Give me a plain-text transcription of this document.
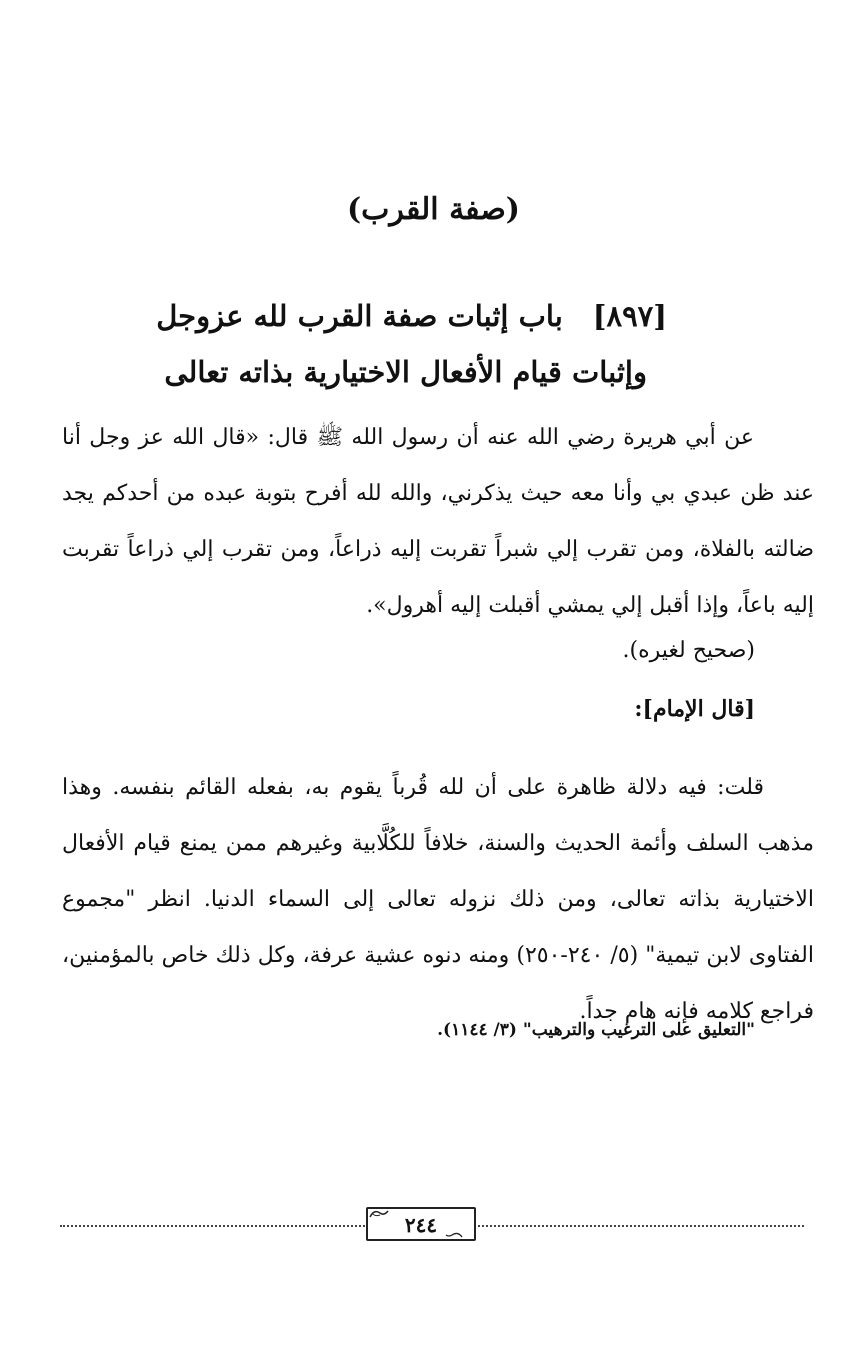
(صفة القرب)
[٨٩٧]باب إثبات صفة القرب لله عزوجل
وإثبات قيام الأفعال الاختيارية بذاته تعالى
عن أبي هريرة رضي الله عنه أن رسول الله ﷺ قال: «قال الله عز وجل أنا عند ظن عبدي بي وأنا معه حيث يذكرني، والله لله أفرح بتوبة عبده من أحدكم يجد ضالته بالفلاة، ومن تقرب إلي شبراً تقربت إليه ذراعاً، ومن تقرب إلي ذراعاً تقربت إليه باعاً، وإذا أقبل إلي يمشي أقبلت إليه أهرول».
(صحيح لغيره).
[قال الإمام]:
قلت: فيه دلالة ظاهرة على أن لله قُرباً يقوم به، بفعله القائم بنفسه. وهذا مذهب السلف وأئمة الحديث والسنة، خلافاً للكُلَّابية وغيرهم ممن يمنع قيام الأفعال الاختيارية بذاته تعالى، ومن ذلك نزوله تعالى إلى السماء الدنيا. انظر "مجموع الفتاوى لابن تيمية" (٥/ ٢٤٠-٢٥٠) ومنه دنوه عشية عرفة، وكل ذلك خاص بالمؤمنين، فراجع كلامه فإنه هام جداً.
"التعليق على الترغيب والترهيب" (٣/ ١١٤٤).
٢٤٤
